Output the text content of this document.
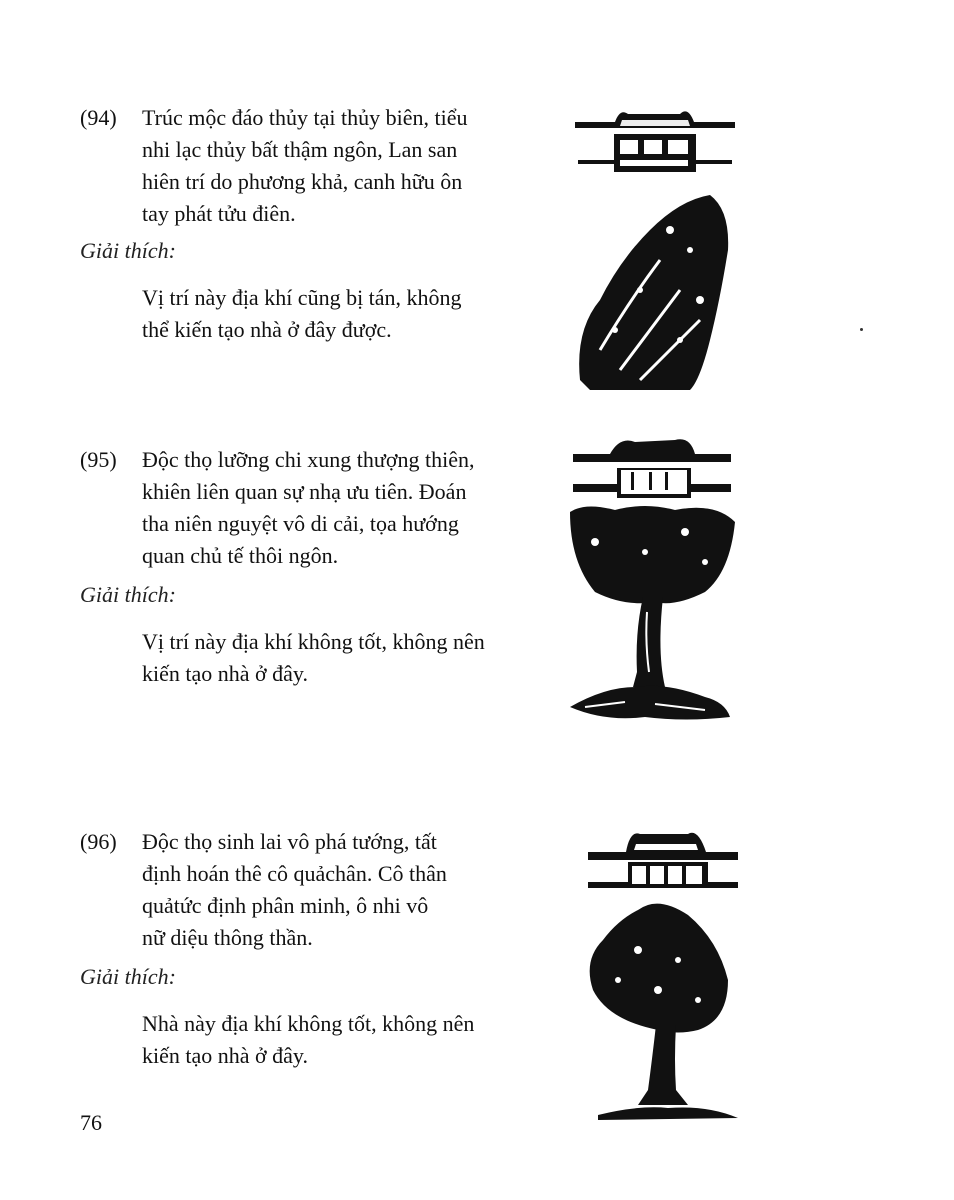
(94) Trúc mộc đáo thủy tại thủy biên, tiểu
nhi lạc thủy bất thậm ngôn, Lan san
hiên trí do phương khả, canh hữu ôn
tay phát tửu điên.
Giải thích:
Vị trí này địa khí cũng bị tán, không
thể kiến tạo nhà ở đây được.
(95) Độc thọ lưỡng chi xung thượng thiên,
khiên liên quan sự nhạ ưu tiên. Đoán
tha niên nguyệt vô di cải, tọa hướng
quan chủ tế thôi ngôn.
Giải thích:
Vị trí này địa khí không tốt, không nên
kiến tạo nhà ở đây.
(96) Độc thọ sinh lai vô phá tướng, tất
định hoán thê cô quảchân. Cô thân
quảtức định phân minh, ô nhi vô
nữ diệu thông thần.
Giải thích:
Nhà này địa khí không tốt, không nên
kiến tạo nhà ở đây.
76
